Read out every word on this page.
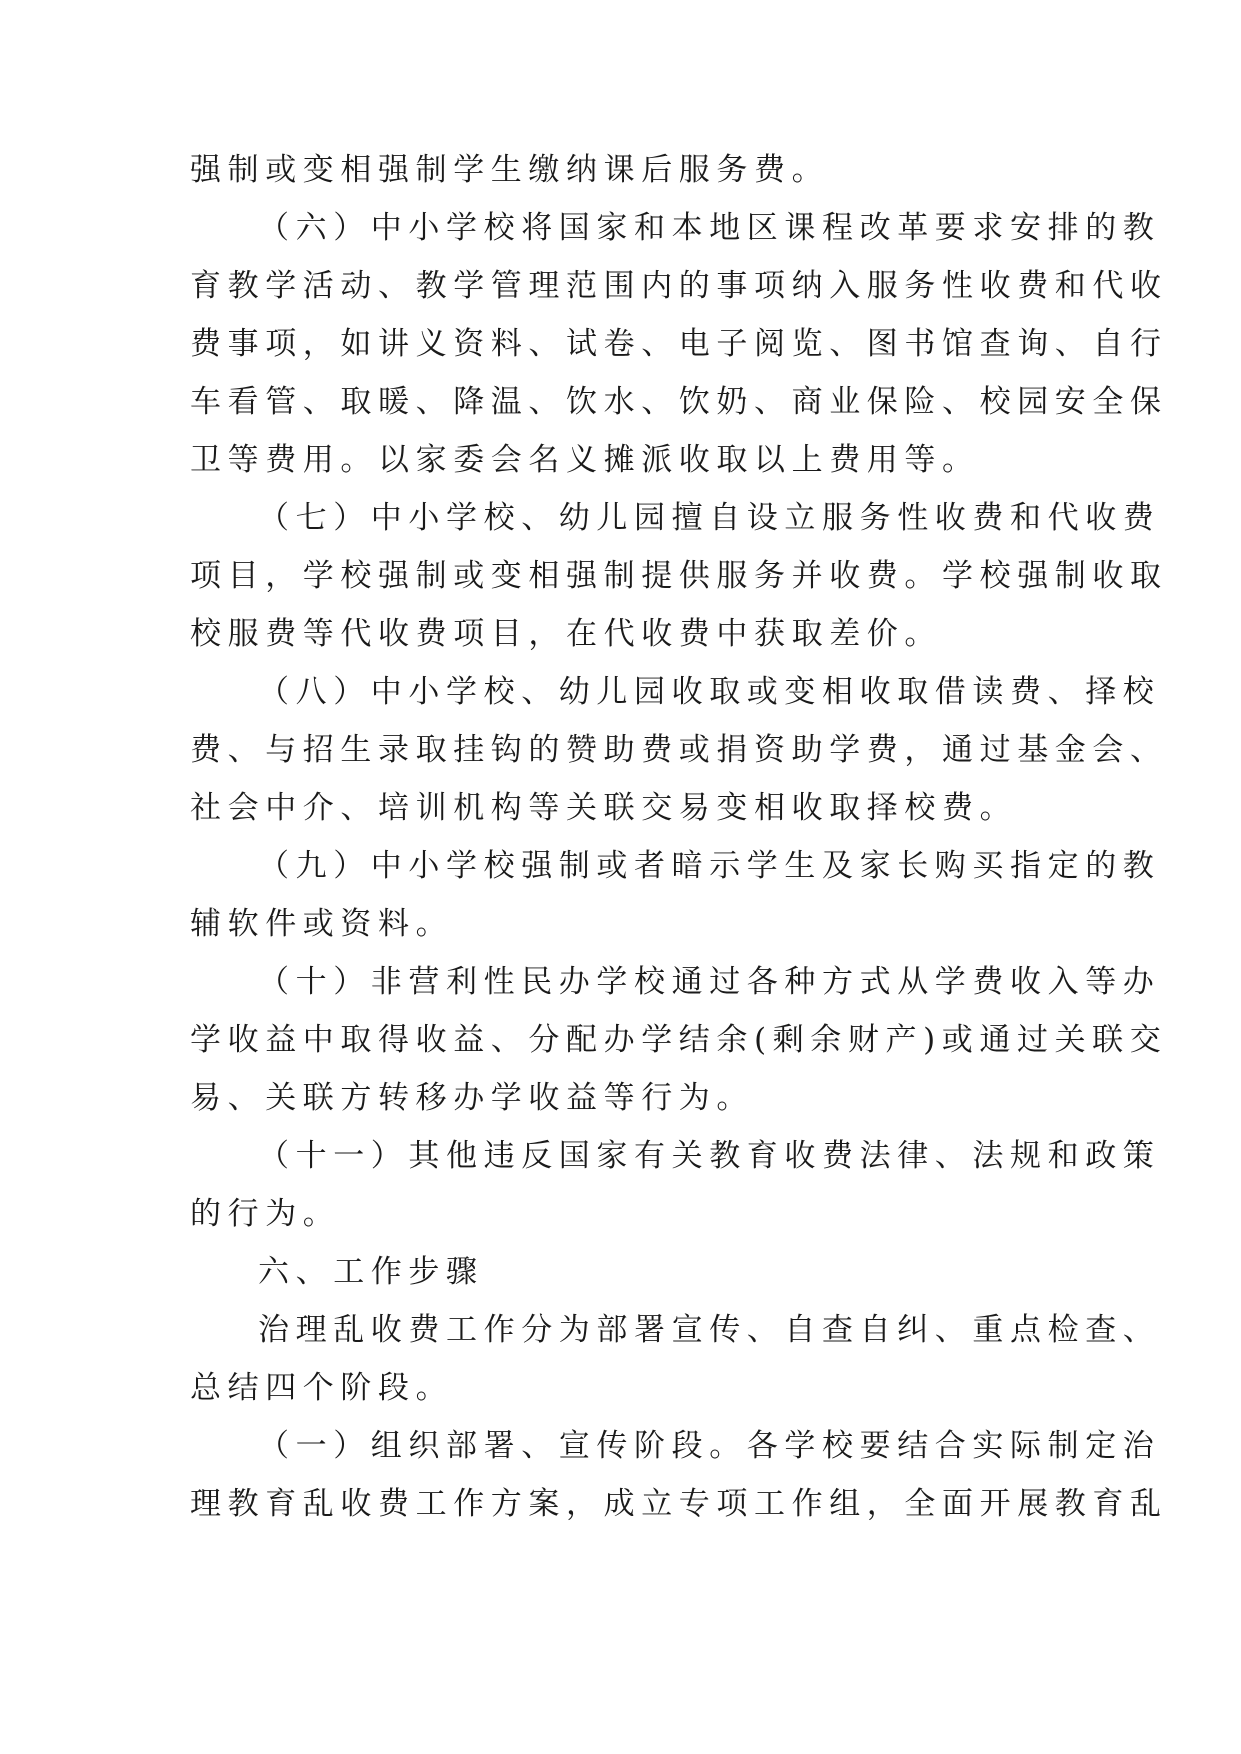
强制或变相强制学生缴纳课后服务费。
（六）中小学校将国家和本地区课程改革要求安排的教
育教学活动、教学管理范围内的事项纳入服务性收费和代收
费事项，如讲义资料、试卷、电子阅览、图书馆查询、自行
车看管、取暖、降温、饮水、饮奶、商业保险、校园安全保
卫等费用。以家委会名义摊派收取以上费用等。
（七）中小学校、幼儿园擅自设立服务性收费和代收费
项目，学校强制或变相强制提供服务并收费。学校强制收取
校服费等代收费项目，在代收费中获取差价。
（八）中小学校、幼儿园收取或变相收取借读费、择校
费、与招生录取挂钩的赞助费或捐资助学费，通过基金会、
社会中介、培训机构等关联交易变相收取择校费。
（九）中小学校强制或者暗示学生及家长购买指定的教
辅软件或资料。
（十）非营利性民办学校通过各种方式从学费收入等办
学收益中取得收益、分配办学结余(剩余财产)或通过关联交
易、关联方转移办学收益等行为。
（十一）其他违反国家有关教育收费法律、法规和政策
的行为。
六、工作步骤
治理乱收费工作分为部署宣传、自查自纠、重点检查、
总结四个阶段。
（一）组织部署、宣传阶段。各学校要结合实际制定治
理教育乱收费工作方案，成立专项工作组，全面开展教育乱
